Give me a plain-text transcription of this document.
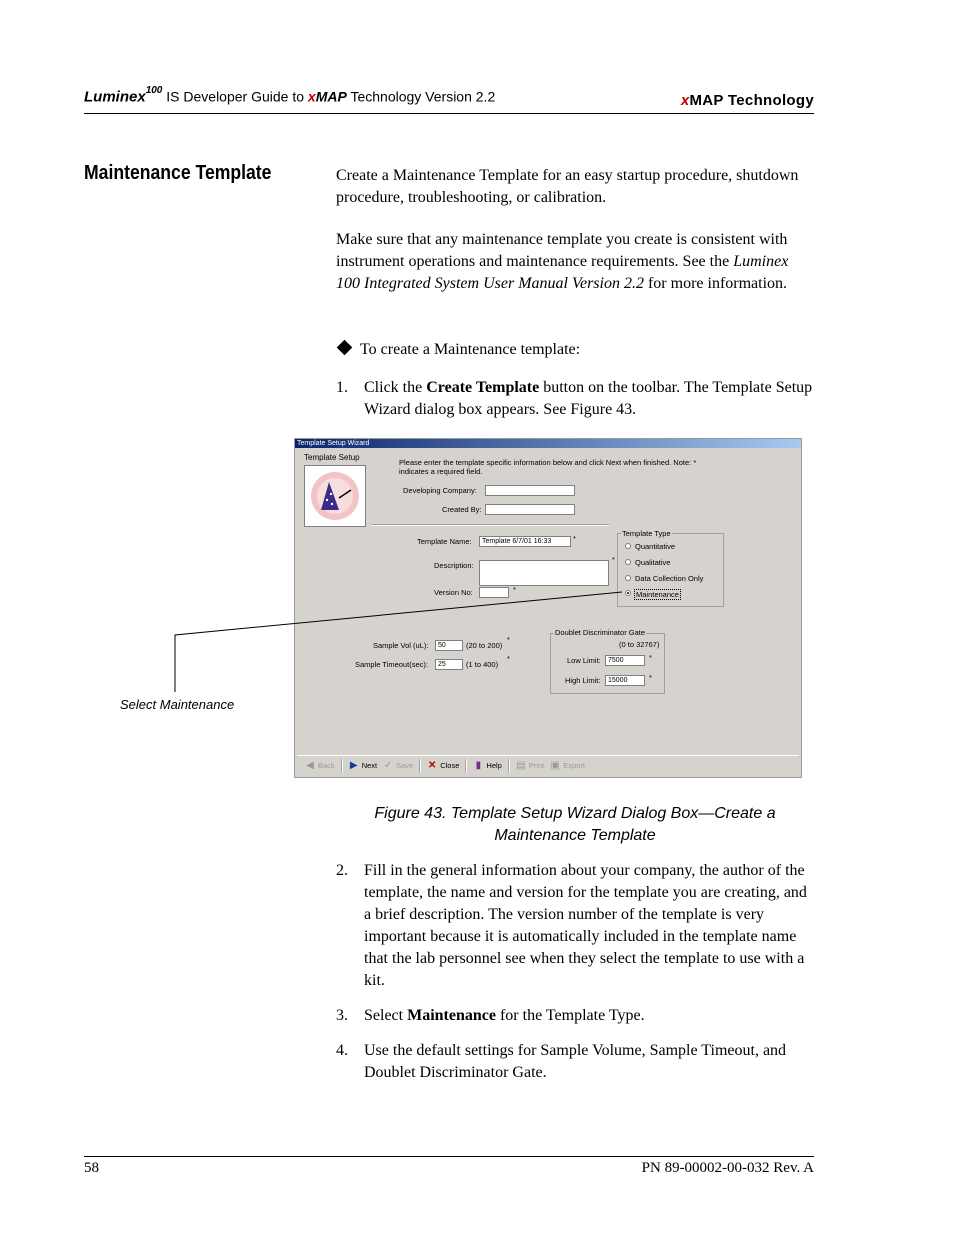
Luminex$^{100}$ IS Developer Guide to xMAP Technology Version 2.2	xMAP Technology
Maintenance Template	Create a Maintenance Template for an easy startup procedure, shutdown procedure, troubleshooting, or calibration.
Make sure that any maintenance template you create is consistent with instrument operations and maintenance requirements. See the Luminex 100 Integrated System User Manual Version 2.2 for more information.
To create a Maintenance template:
1. Click the Create Template button on the toolbar. The Template Setup Wizard dialog box appears. See Figure 43.
Template Setup Wizard
Template Setup
Please enter the template specific information below and click Next when finished. Note: * indicates a required field.
Developing Company:
Created By:
Template Name:	Template 6/7/01 16:33	*
Description:
*
Version No:	*
Template Type
Quantitative
Qualitative
Data Collection Only
Maintenance
Sample Vol (uL):	50	(20 to 200)
*
Sample Timeout(sec):	25	(1 to 400)
*
Doublet Discriminator Gate
(0 to 32767)
Low Limit:	7500	*
High Limit:	15000	*
◀ Back ▶ Next ✓ Save ✕ Close ▮ Help ▤ Print ▣ Export
Select Maintenance
Figure 43. Template Setup Wizard Dialog Box—Create a
Maintenance Template
2. Fill in the general information about your company, the author of the template, the name and version for the template you are creating, and a brief description. The version number of the template is very important because it is automatically included in the template name that the lab personnel see when they select the template to use with a kit.
3. Select Maintenance for the Template Type.
4. Use the default settings for Sample Volume, Sample Timeout, and Doublet Discriminator Gate.
58	PN 89-00002-00-032 Rev. A
